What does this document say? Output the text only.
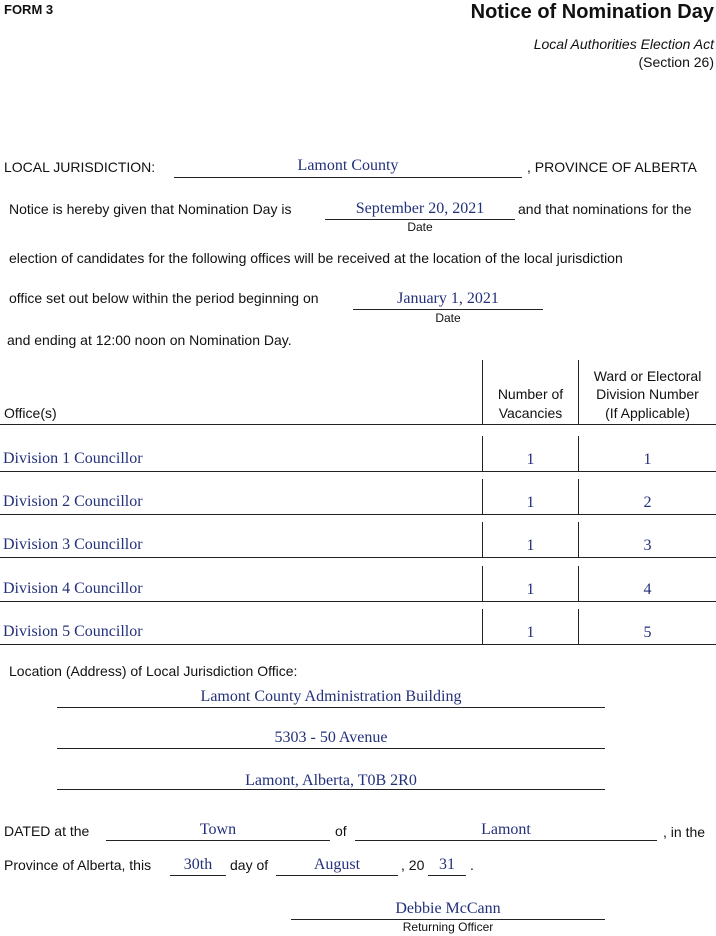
FORM 3	Notice of Nomination Day
Local Authorities Election Act
(Section 26)
LOCAL JURISDICTION:	Lamont County	, PROVINCE OF ALBERTA
Notice is hereby given that Nomination Day is	September 20, 2021
Date
and that nominations for the
election of candidates for the following offices will be received at the location of the local jurisdiction
office set out below within the period beginning on	January 1, 2021
Date
and ending at 12:00 noon on Nomination Day.
Office(s)
Number of
Vacancies
Ward or Electoral
Division Number
(If Applicable)
Division 1 Councillor	1	1
Division 2 Councillor	1	2
Division 3 Councillor	1	3
Division 4 Councillor	1	4
Division 5 Councillor	1	5
Location (Address) of Local Jurisdiction Office:
Lamont County Administration Building
5303 - 50 Avenue
Lamont, Alberta, T0B 2R0
DATED at the	Town	of	Lamont	, in the
Province of Alberta, this	30th	day of	August	, 20 31	.
Debbie McCann
Returning Officer
